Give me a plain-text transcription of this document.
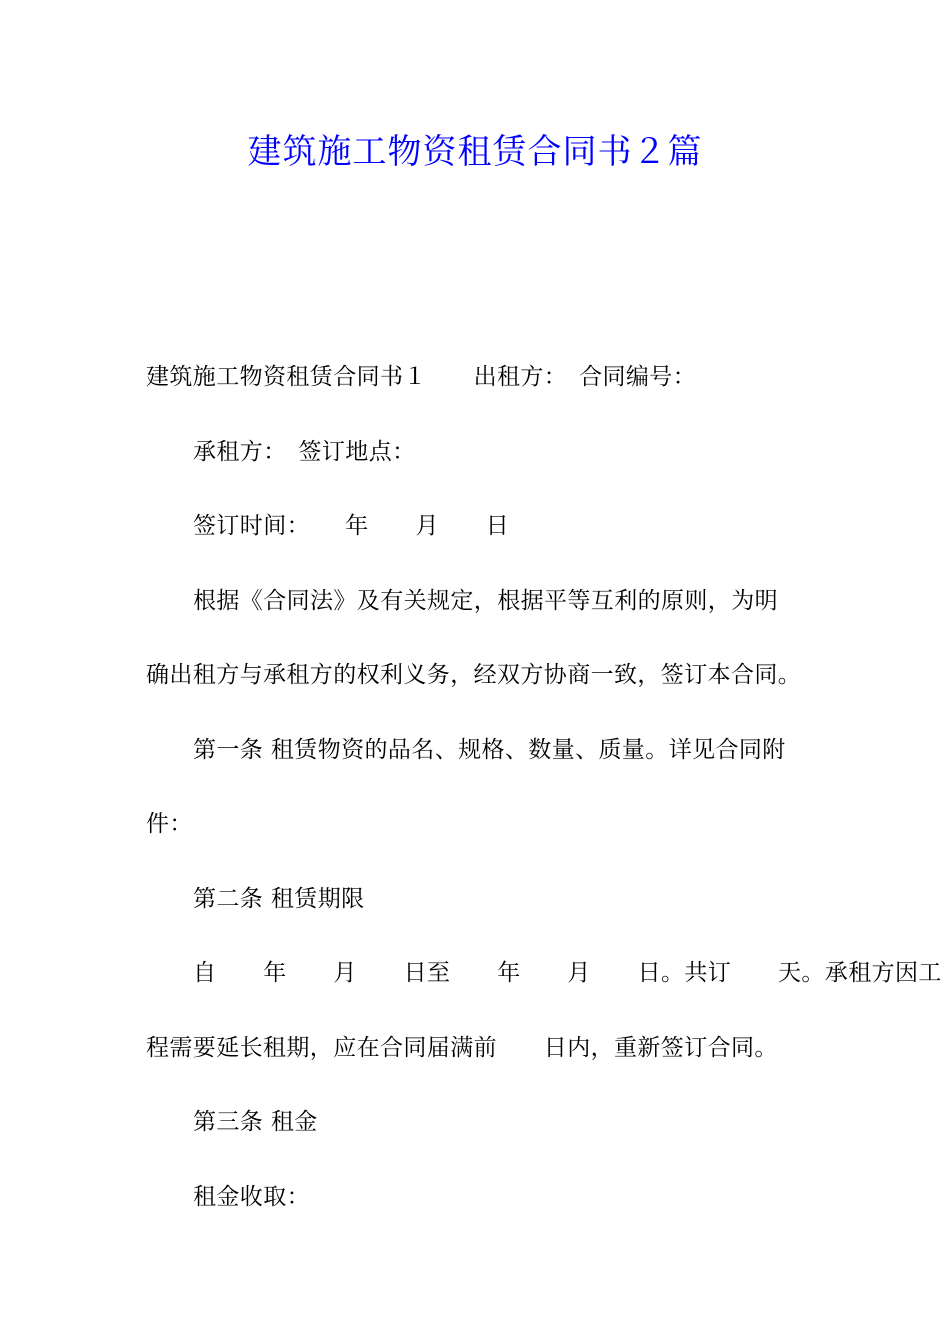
建筑施工物资租赁合同书２篇

建筑施工物资租赁合同书１　　出租方：　合同编号：

承租方：　签订地点：

签订时间：　　年　　月　　日

根据《合同法》及有关规定，根据平等互利的原则，为明

确出租方与承租方的权利义务，经双方协商一致，签订本合同。

第一条 租赁物资的品名、规格、数量、质量。详见合同附

件：

第二条 租赁期限

自　　年　　月　　日至　　年　　月　　日。共订　　天。承租方因工

程需要延长租期，应在合同届满前　　日内，重新签订合同。

第三条 租金

租金收取：
